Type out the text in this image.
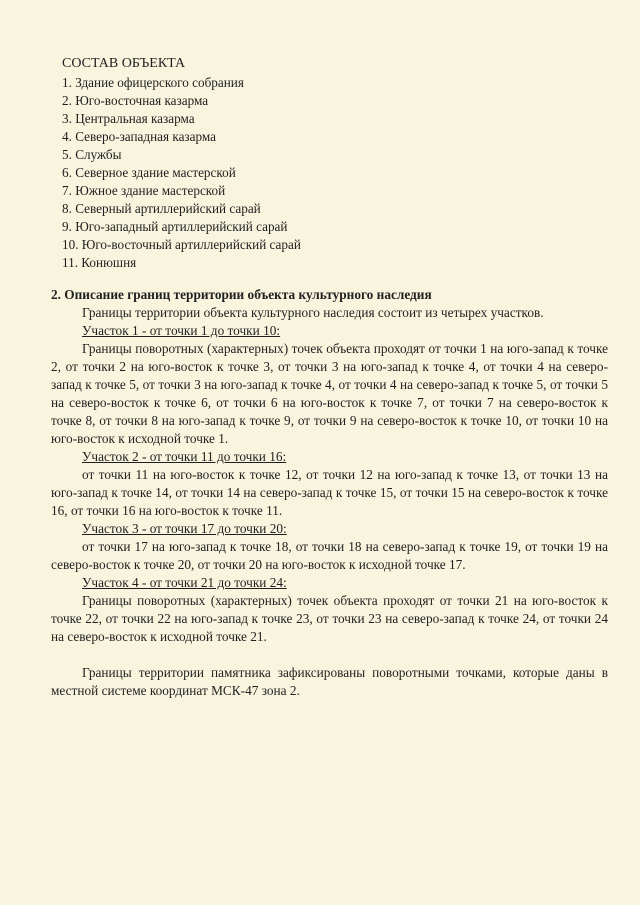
СОСТАВ ОБЪЕКТА
1. Здание офицерского собрания
2. Юго-восточная казарма
3. Центральная казарма
4. Северо-западная казарма
5. Службы
6. Северное здание мастерской
7. Южное здание мастерской
8. Северный артиллерийский сарай
9. Юго-западный артиллерийский сарай
10. Юго-восточный артиллерийский сарай
11. Конюшня
2. Описание границ территории объекта культурного наследия

Границы территории объекта культурного наследия состоит из четырех участков.

Участок 1 - от точки 1 до точки 10:

Границы поворотных (характерных) точек объекта проходят от точки 1 на юго-запад к точке 2, от точки 2 на юго-восток к точке 3, от точки 3 на юго-запад к точке 4, от точки 4 на северо-запад к точке 5, от точки 3 на юго-запад к точке 4, от точки 4 на северо-запад к точке 5, от точки 5 на северо-восток к точке 6, от точки 6 на юго-восток к точке 7, от точки 7 на северо-восток к точке 8, от точки 8 на юго-запад к точке 9, от точки 9 на северо-восток к точке 10, от точки 10 на юго-восток к исходной точке 1.

Участок 2 - от точки 11 до точки 16:

от точки 11 на юго-восток к точке 12, от точки 12 на юго-запад к точке 13, от точки 13 на юго-запад к точке 14, от точки 14 на северо-запад к точке 15, от точки 15 на северо-восток к точке 16, от точки 16 на юго-восток к точке 11.

Участок 3 - от точки 17 до точки 20:

от точки 17 на юго-запад к точке 18, от точки 18 на северо-запад к точке 19, от точки 19 на северо-восток к точке 20, от точки 20 на юго-восток к исходной точке 17.

Участок 4 - от точки 21 до точки 24:

Границы поворотных (характерных) точек объекта проходят от точки 21 на юго-восток к точке 22, от точки 22 на юго-запад к точке 23, от точки 23 на северо-запад к точке 24, от точки 24 на северо-восток к исходной точке 21.

Границы территории памятника зафиксированы поворотными точками, которые даны в местной системе координат МСК-47 зона 2.
